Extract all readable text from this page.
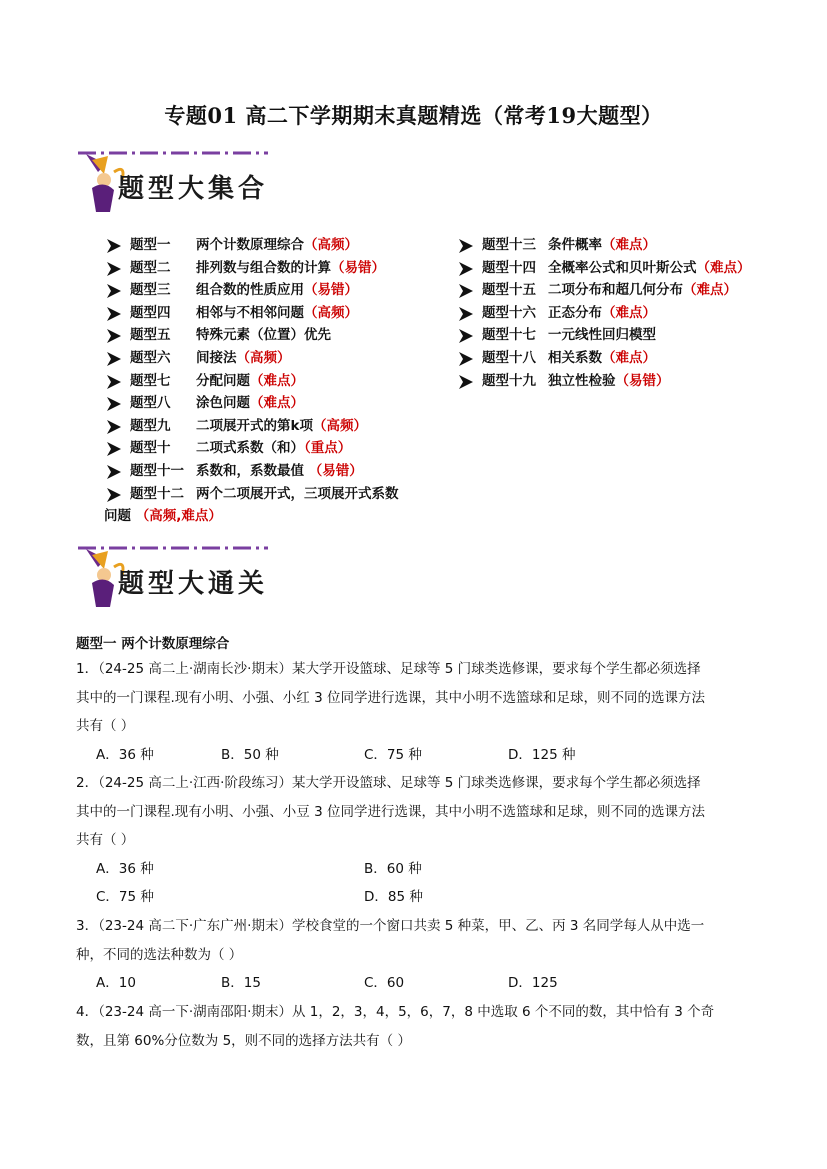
专题01 高二下学期期末真题精选（常考19大题型）
题型大集合
题型一 两个计数原理综合（高频）
题型二 排列数与组合数的计算（易错）
题型三 组合数的性质应用（易错）
题型四 相邻与不相邻问题（高频）
题型五 特殊元素（位置）优先
题型六 间接法（高频）
题型七 分配问题（难点）
题型八 涂色问题（难点）
题型九 二项展开式的第k项（高频）
题型十 二项式系数（和）（重点）
题型十一 系数和，系数最值 （易错）
题型十二 两个二项展开式，三项展开式系数
问题 （高频,难点）
题型十三 条件概率（难点）
题型十四 全概率公式和贝叶斯公式（难点）
题型十五 二项分布和超几何分布（难点）
题型十六 正态分布（难点）
题型十七 一元线性回归模型
题型十八 相关系数（难点）
题型十九 独立性检验（易错）
题型大通关
题型一 两个计数原理综合
1．（24-25 高二上·湖南长沙·期末）某大学开设篮球、足球等 5 门球类选修课，要求每个学生都必须选择
其中的一门课程.现有小明、小强、小红 3 位同学进行选课，其中小明不选篮球和足球，则不同的选课方法
共有（ ）
A．36 种	B．50 种	C．75 种	D．125 种
2．（24-25 高二上·江西·阶段练习）某大学开设篮球、足球等 5 门球类选修课，要求每个学生都必须选择
其中的一门课程.现有小明、小强、小豆 3 位同学进行选课，其中小明不选篮球和足球，则不同的选课方法
共有（ ）
A．36 种	B．60 种
C．75 种	D．85 种
3．（23-24 高二下·广东广州·期末）学校食堂的一个窗口共卖 5 种菜，甲、乙、丙 3 名同学每人从中选一
种，不同的选法种数为（ ）
A．10	B．15	C．60	D．125
4．（23-24 高一下·湖南邵阳·期末）从 1，2，3，4，5，6，7，8 中选取 6 个不同的数，其中恰有 3 个奇
数，且第 60%分位数为 5，则不同的选择方法共有（ ）
